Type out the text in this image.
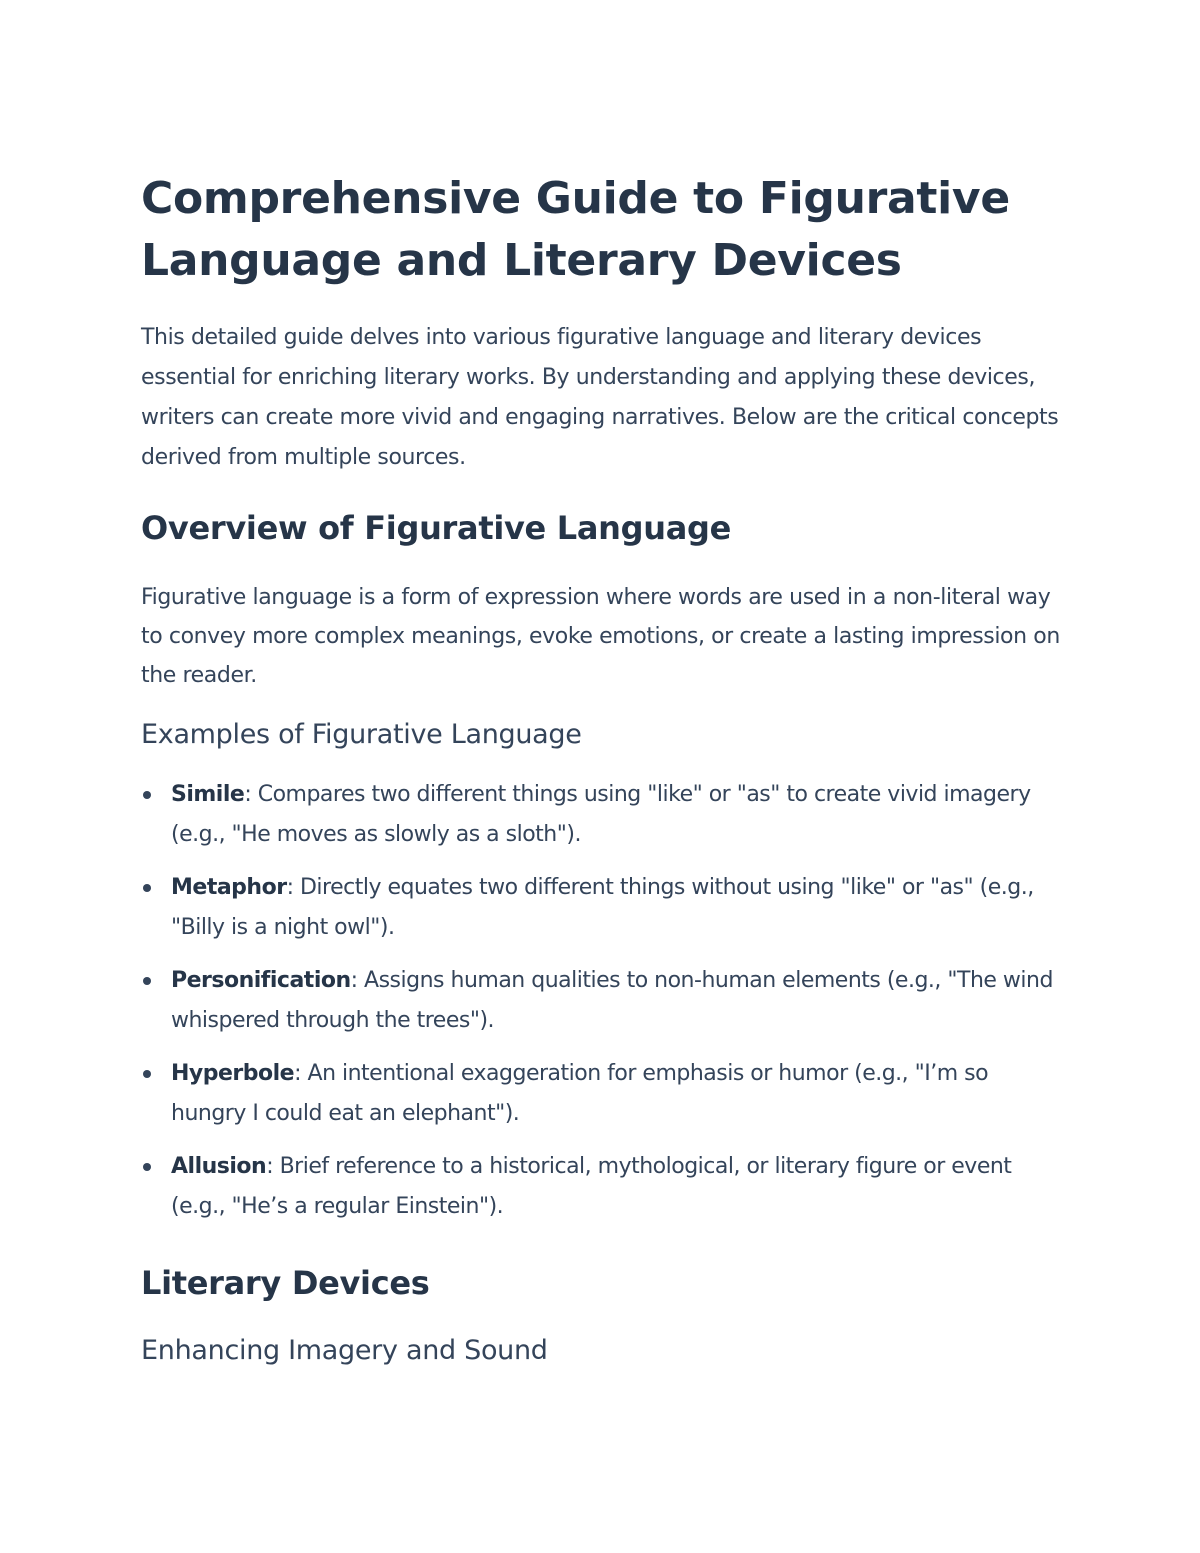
Comprehensive Guide to Figurative Language and Literary Devices

This detailed guide delves into various figurative language and literary devices essential for enriching literary works. By understanding and applying these devices, writers can create more vivid and engaging narratives. Below are the critical concepts derived from multiple sources.

Overview of Figurative Language

Figurative language is a form of expression where words are used in a non-literal way to convey more complex meanings, evoke emotions, or create a lasting impression on the reader.

Examples of Figurative Language
Simile: Compares two different things using "like" or "as" to create vivid imagery (e.g., "He moves as slowly as a sloth").
Metaphor: Directly equates two different things without using "like" or "as" (e.g., "Billy is a night owl").
Personification: Assigns human qualities to non-human elements (e.g., "The wind whispered through the trees").
Hyperbole: An intentional exaggeration for emphasis or humor (e.g., "I’m so hungry I could eat an elephant").
Allusion: Brief reference to a historical, mythological, or literary figure or event (e.g., "He’s a regular Einstein").
Literary Devices
Enhancing Imagery and Sound
